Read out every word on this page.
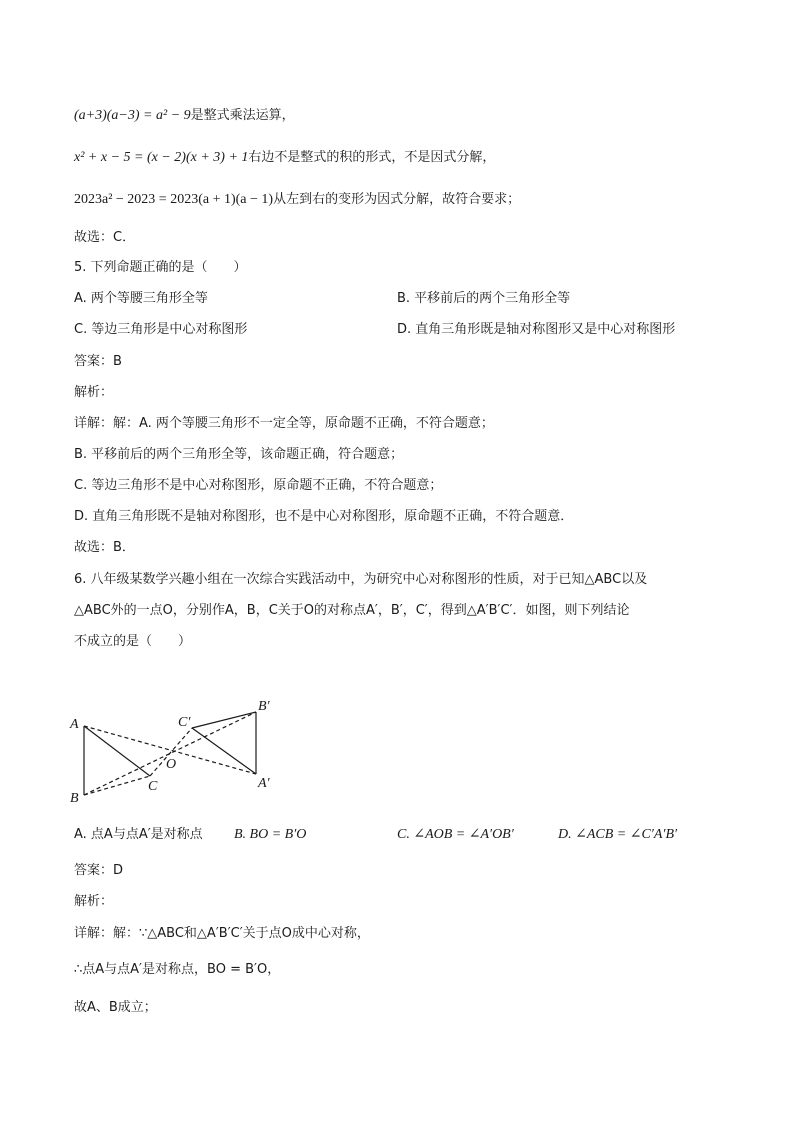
(a+3)(a−3) = a² − 9是整式乘法运算，
x² + x − 5 = (x − 2)(x + 3) + 1右边不是整式的积的形式，不是因式分解，
2023a² − 2023 = 2023(a + 1)(a − 1)从左到右的变形为因式分解，故符合要求；
故选：C．
5. 下列命题正确的是（　　）
A. 两个等腰三角形全等	B. 平移前后的两个三角形全等
C. 等边三角形是中心对称图形	D. 直角三角形既是轴对称图形又是中心对称图形
答案：B
解析：
详解：解：A. 两个等腰三角形不一定全等，原命题不正确，不符合题意；
B. 平移前后的两个三角形全等，该命题正确，符合题意；
C. 等边三角形不是中心对称图形，原命题不正确，不符合题意；
D. 直角三角形既不是轴对称图形，也不是中心对称图形，原命题不正确，不符合题意．
故选：B．
6. 八年级某数学兴趣小组在一次综合实践活动中，为研究中心对称图形的性质，对于已知△ABC以及
△ABC外的一点O，分别作A，B，C关于O的对称点A′，B′，C′，得到△A′B′C′．如图，则下列结论
不成立的是（　　）
A
B
C
O
A′
B′
C′
A. 点A与点A′是对称点 B. BO = B′O	C. ∠AOB = ∠A′OB′	D. ∠ACB = ∠C′A′B′
答案：D
解析：
详解：解：∵△ABC和△A′B′C′关于点O成中心对称，
∴点A与点A′是对称点，BO = B′O，
故A、B成立；
